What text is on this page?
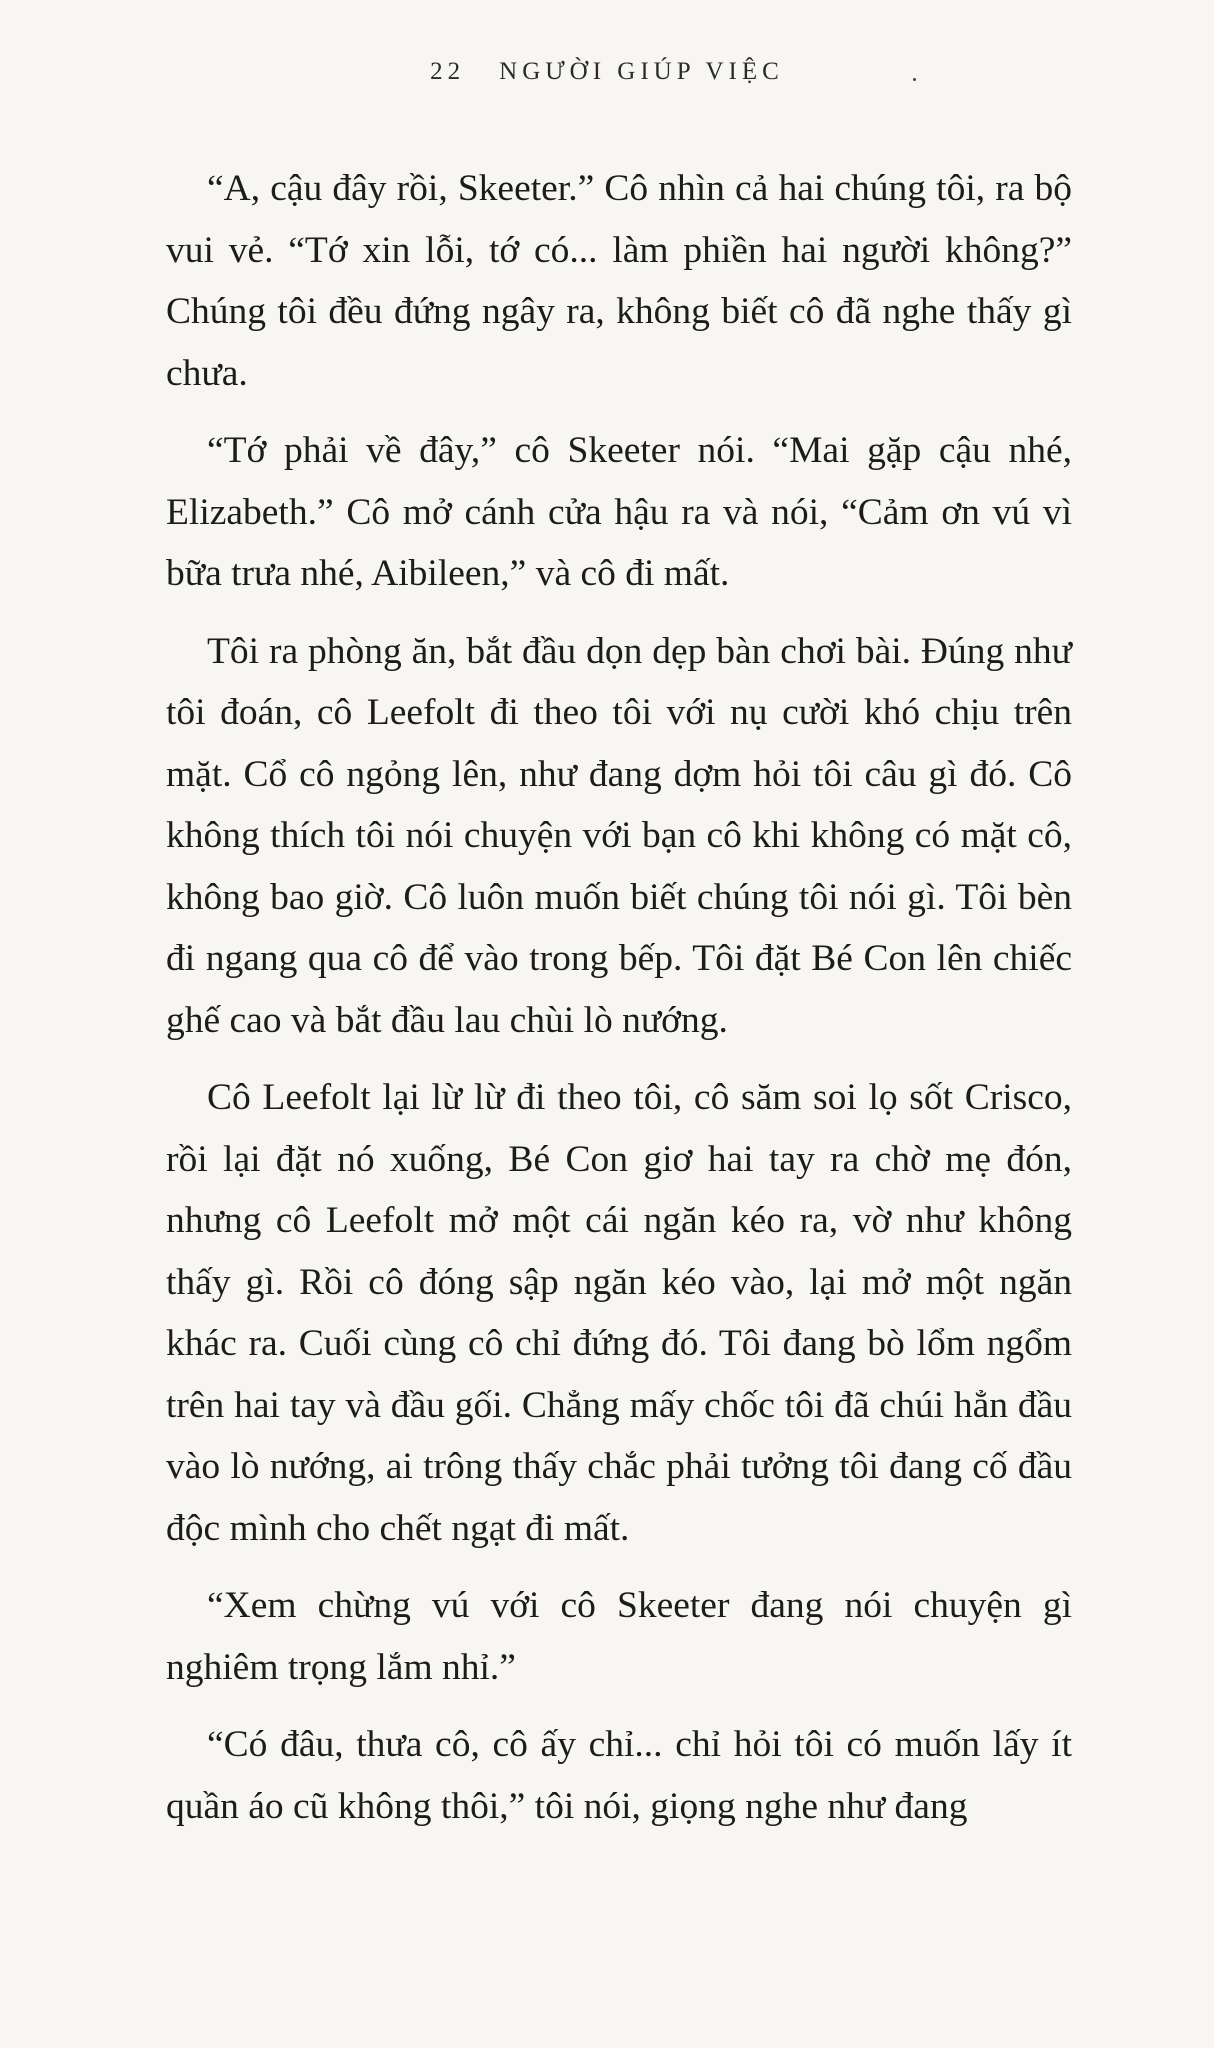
22 NGƯỜI GIÚP VIỆC

“A, cậu đây rồi, Skeeter.” Cô nhìn cả hai chúng tôi, ra bộ vui vẻ. “Tớ xin lỗi, tớ có... làm phiền hai người không?” Chúng tôi đều đứng ngây ra, không biết cô đã nghe thấy gì chưa.

“Tớ phải về đây,” cô Skeeter nói. “Mai gặp cậu nhé, Elizabeth.” Cô mở cánh cửa hậu ra và nói, “Cảm ơn vú vì bữa trưa nhé, Aibileen,” và cô đi mất.

Tôi ra phòng ăn, bắt đầu dọn dẹp bàn chơi bài. Đúng như tôi đoán, cô Leefolt đi theo tôi với nụ cười khó chịu trên mặt. Cổ cô ngỏng lên, như đang dợm hỏi tôi câu gì đó. Cô không thích tôi nói chuyện với bạn cô khi không có mặt cô, không bao giờ. Cô luôn muốn biết chúng tôi nói gì. Tôi bèn đi ngang qua cô để vào trong bếp. Tôi đặt Bé Con lên chiếc ghế cao và bắt đầu lau chùi lò nướng.

Cô Leefolt lại lừ lừ đi theo tôi, cô săm soi lọ sốt Crisco, rồi lại đặt nó xuống, Bé Con giơ hai tay ra chờ mẹ đón, nhưng cô Leefolt mở một cái ngăn kéo ra, vờ như không thấy gì. Rồi cô đóng sập ngăn kéo vào, lại mở một ngăn khác ra. Cuối cùng cô chỉ đứng đó. Tôi đang bò lổm ngổm trên hai tay và đầu gối. Chẳng mấy chốc tôi đã chúi hẳn đầu vào lò nướng, ai trông thấy chắc phải tưởng tôi đang cố đầu độc mình cho chết ngạt đi mất.

“Xem chừng vú với cô Skeeter đang nói chuyện gì nghiêm trọng lắm nhỉ.”

“Có đâu, thưa cô, cô ấy chỉ... chỉ hỏi tôi có muốn lấy ít quần áo cũ không thôi,” tôi nói, giọng nghe như đang
